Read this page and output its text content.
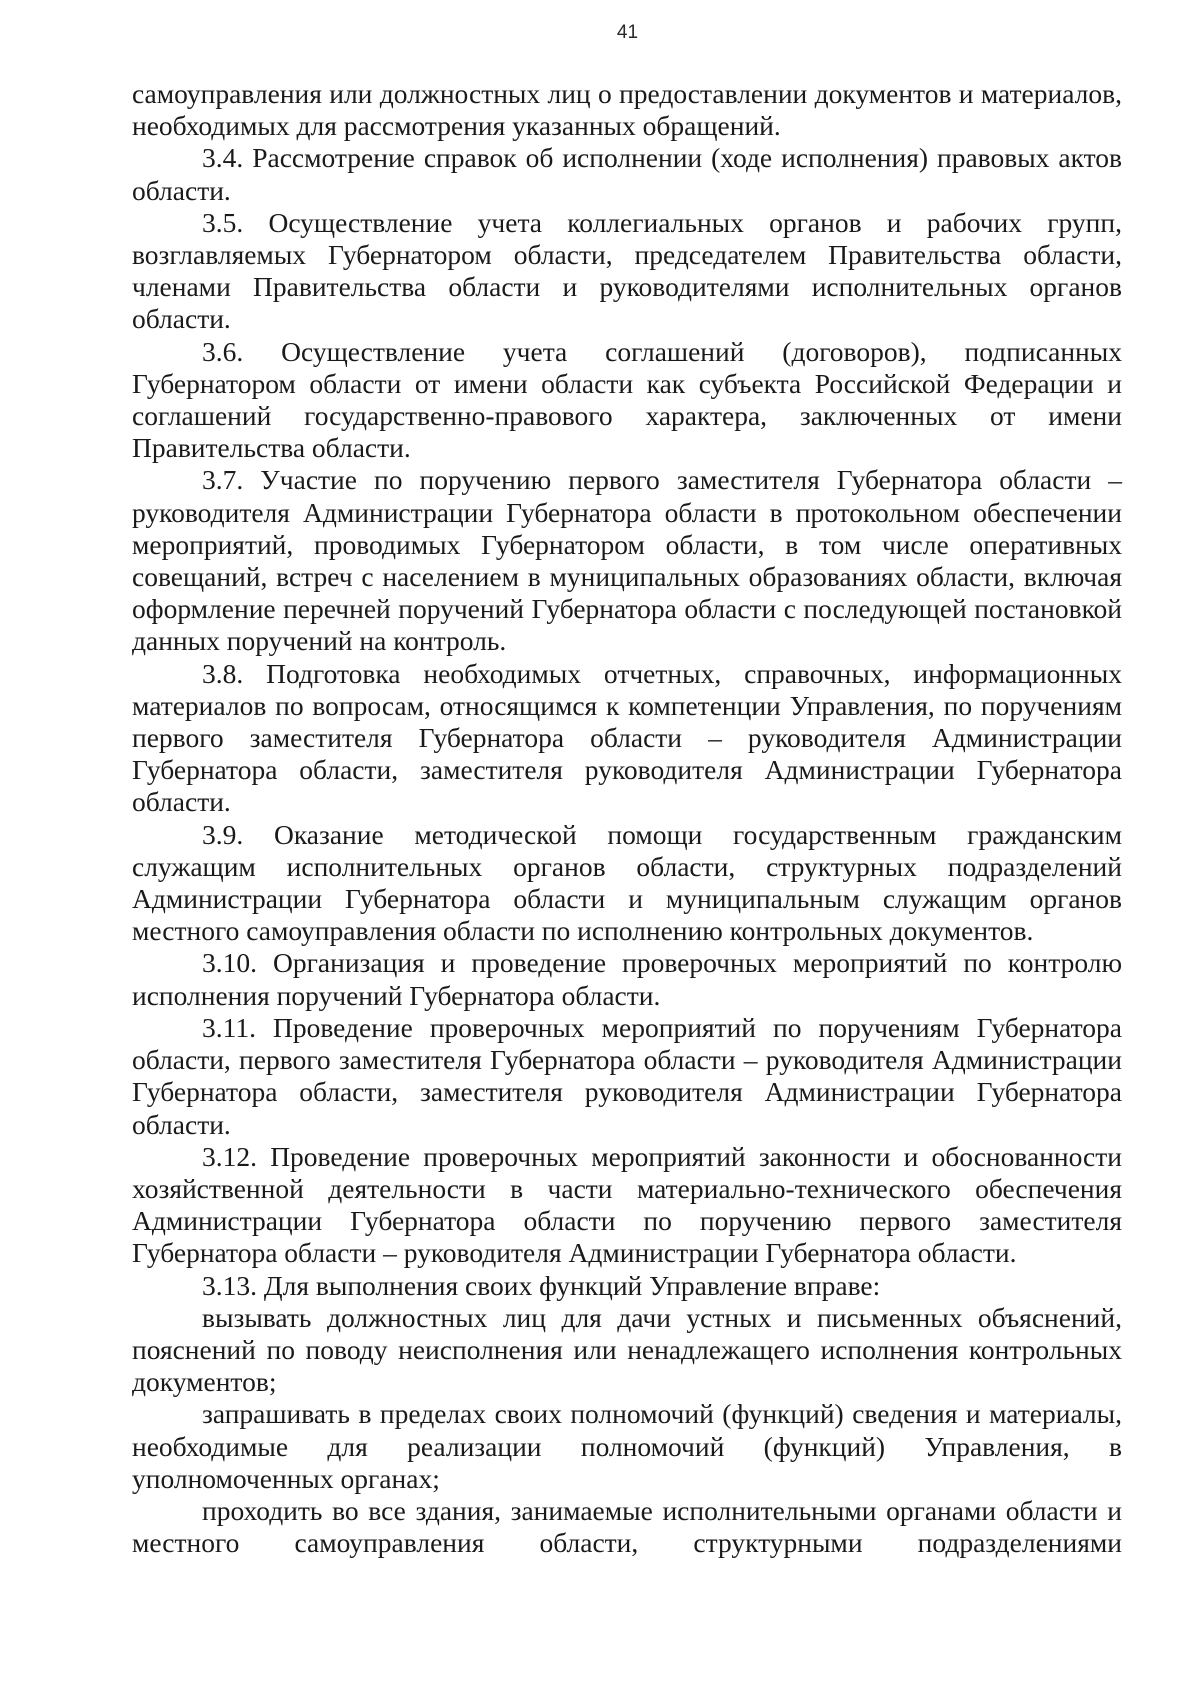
41

самоуправления или должностных лиц о предоставлении документов и материалов, необходимых для рассмотрения указанных обращений.

3.4. Рассмотрение справок об исполнении (ходе исполнения) правовых актов области.

3.5. Осуществление учета коллегиальных органов и рабочих групп, возглавляемых Губернатором области, председателем Правительства области, членами Правительства области и руководителями исполнительных органов области.

3.6. Осуществление учета соглашений (договоров), подписанных Губернатором области от имени области как субъекта Российской Федерации и соглашений государственно-правового характера, заключенных от имени Правительства области.

3.7. Участие по поручению первого заместителя Губернатора области – руководителя Администрации Губернатора области в протокольном обеспечении мероприятий, проводимых Губернатором области, в том числе оперативных совещаний, встреч с населением в муниципальных образованиях области, включая оформление перечней поручений Губернатора области с последующей постановкой данных поручений на контроль.

3.8. Подготовка необходимых отчетных, справочных, информационных материалов по вопросам, относящимся к компетенции Управления, по поручениям первого заместителя Губернатора области – руководителя Администрации Губернатора области, заместителя руководителя Администрации Губернатора области.

3.9. Оказание методической помощи государственным гражданским служащим исполнительных органов области, структурных подразделений Администрации Губернатора области и муниципальным служащим органов местного самоуправления области по исполнению контрольных документов.

3.10. Организация и проведение проверочных мероприятий по контролю исполнения поручений Губернатора области.

3.11. Проведение проверочных мероприятий по поручениям Губернатора области, первого заместителя Губернатора области – руководителя Администрации Губернатора области, заместителя руководителя Администрации Губернатора области.

3.12. Проведение проверочных мероприятий законности и обоснованности хозяйственной деятельности в части материально-технического обеспечения Администрации Губернатора области по поручению первого заместителя Губернатора области – руководителя Администрации Губернатора области.

3.13. Для выполнения своих функций Управление вправе:

вызывать должностных лиц для дачи устных и письменных объяснений, пояснений по поводу неисполнения или ненадлежащего исполнения контрольных документов;

запрашивать в пределах своих полномочий (функций) сведения и материалы, необходимые для реализации полномочий (функций) Управления, в уполномоченных органах;

проходить во все здания, занимаемые исполнительными органами области и местного самоуправления области, структурными подразделениями
